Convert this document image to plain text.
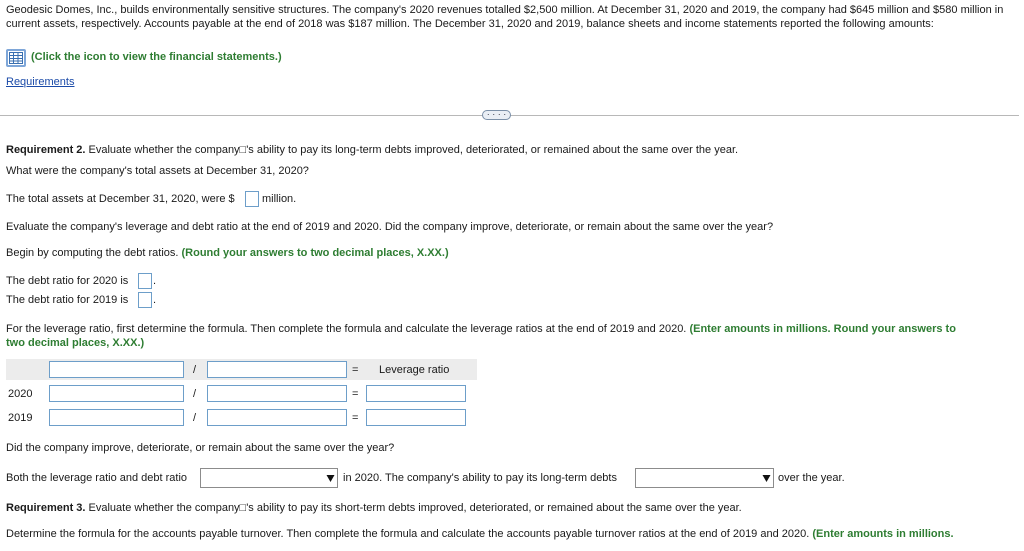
Geodesic Domes, Inc., builds environmentally sensitive structures. The company's 2020 revenues totalled $2,500 million. At December 31, 2020 and 2019, the company had $645 million and $580 million in current assets, respectively. Accounts payable at the end of 2018 was $187 million. The December 31, 2020 and 2019, balance sheets and income statements reported the following amounts:
(Click the icon to view the financial statements.)
Requirements
· · · ·
Requirement 2. Evaluate whether the company□'s ability to pay its long-term debts improved, deteriorated, or remained about the same over the year.
What were the company's total assets at December 31, 2020?
The total assets at December 31, 2020, were $ million.
Evaluate the company's leverage and debt ratio at the end of 2019 and 2020. Did the company improve, deteriorate, or remain about the same over the year?
Begin by computing the debt ratios. (Round your answers to two decimal places, X.XX.)
The debt ratio for 2020 is .
The debt ratio for 2019 is .
For the leverage ratio, first determine the formula. Then complete the formula and calculate the leverage ratios at the end of 2019 and 2020. (Enter amounts in millions. Round your answers to
two decimal places, X.XX.)
/	= Leverage ratio
2020	/	=
2019	/	=
Did the company improve, deteriorate, or remain about the same over the year?
Both the leverage ratio and debt ratio	in 2020. The company's ability to pay its long-term debts	over the year.
Requirement 3. Evaluate whether the company□'s ability to pay its short-term debts improved, deteriorated, or remained about the same over the year.
Determine the formula for the accounts payable turnover. Then complete the formula and calculate the accounts payable turnover ratios at the end of 2019 and 2020. (Enter amounts in millions.
